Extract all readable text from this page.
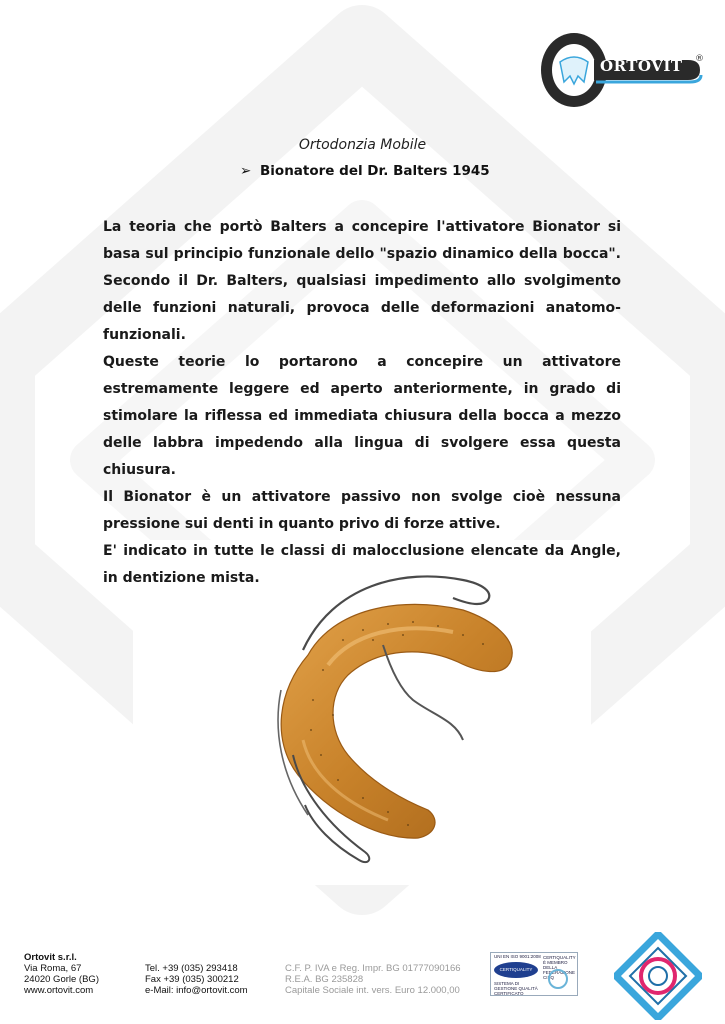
ORTOVIT ®
Ortodonzia Mobile
➢ Bionatore del Dr. Balters 1945

La teoria che portò Balters a concepire l'attivatore Bionator si basa sul principio funzionale dello "spazio dinamico della bocca". Secondo il Dr. Balters, qualsiasi impedimento allo svolgimento delle funzioni naturali, provoca delle deformazioni anatomo-funzionali.

Queste teorie lo portarono a concepire un attivatore estremamente leggere ed aperto anteriormente, in grado di stimolare la riflessa ed immediata chiusura della bocca a mezzo delle labbra impedendo alla lingua di svolgere essa questa chiusura.

Il Bionator è un attivatore passivo non svolge cioè nessuna pressione sui denti in quanto privo di forze attive.

E' indicato in tutte le classi di malocclusione elencate da Angle, in dentizione mista.

Ortovit s.r.l.
Via Roma, 67
24020 Gorle (BG)
www.ortovit.com
Tel. +39 (035) 293418
Fax +39 (035) 300212
e-Mail: info@ortovit.com
C.F. P. IVA e Reg. Impr. BG 01777090166
R.E.A. BG 235828
Capitale Sociale int. vers. Euro 12.000,00
UNI EN ISO 9001:2008
CERTIQUALITY
SISTEMA DI GESTIONE QUALITÀ CERTIFICATO
CERTIQUALITY È MEMBRO DELLA FEDERAZIONE CISQ
